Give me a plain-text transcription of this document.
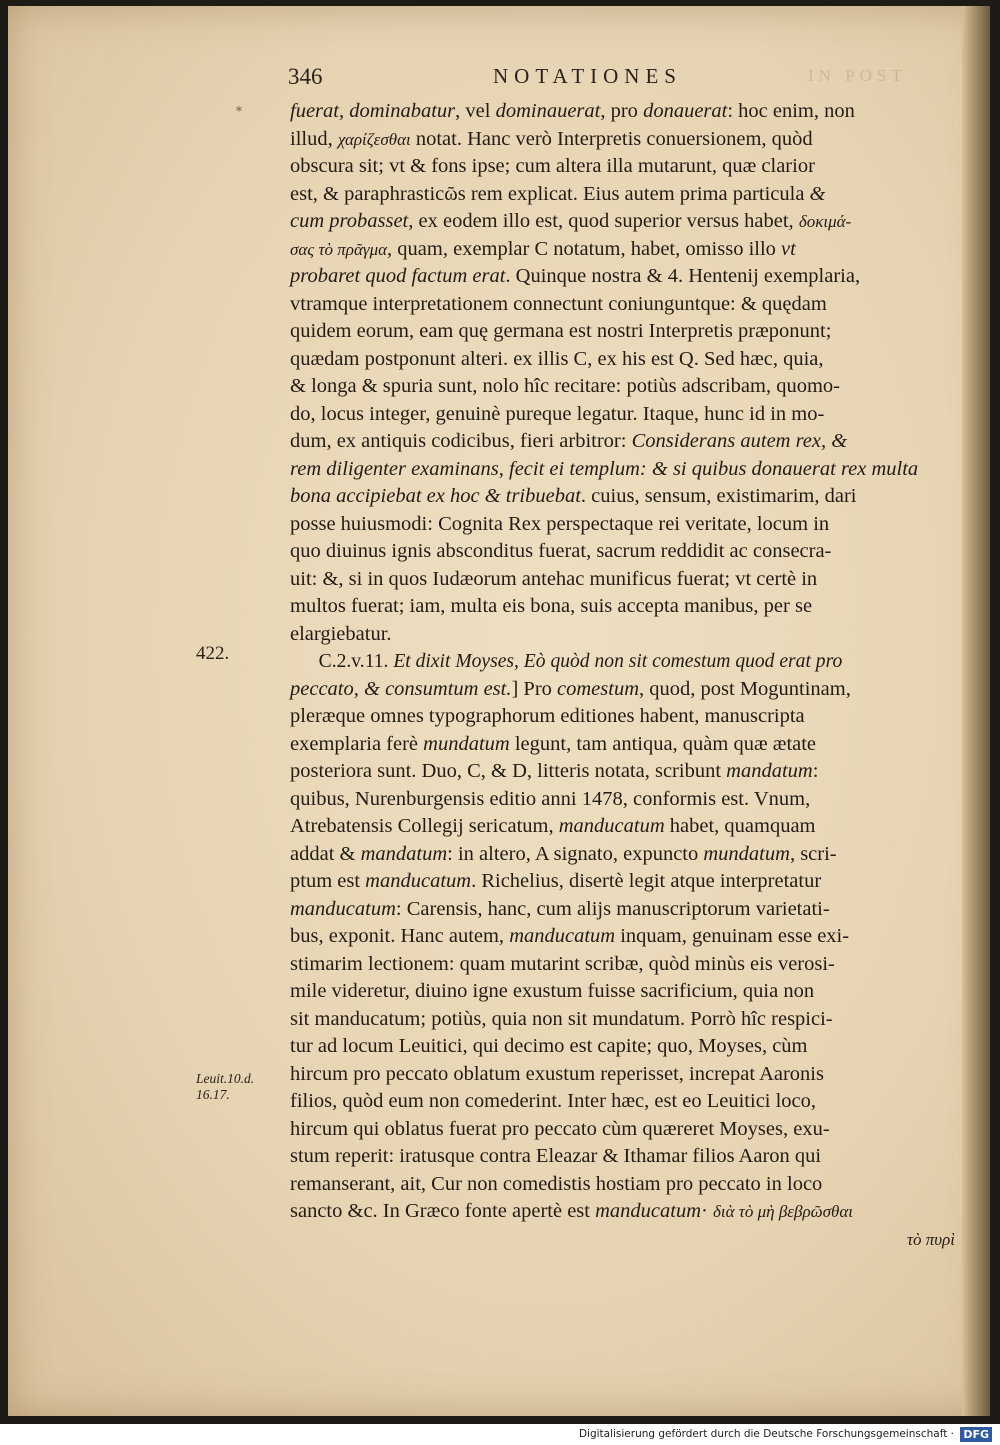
346	NOTATIONES	IN POST
*
422.
Leuit.10.d.
16.17.
fuerat, dominabatur, vel dominauerat, pro donauerat: hoc enim, non
illud, χαρίζεσθαι notat. Hanc verò Interpretis conuersionem, quòd
obscura sit; vt & fons ipse; cum altera illa mutarunt, quæ clarior
est, & paraphrasticῶs rem explicat. Eius autem prima particula &
cum probasset, ex eodem illo est, quod superior versus habet, δοκιμά-
σας τὸ πρᾶγμα, quam, exemplar C notatum, habet, omisso illo vt
probaret quod factum erat. Quinque nostra & 4. Hentenij exemplaria,
vtramque interpretationem connectunt coniunguntque: & quędam
quidem eorum, eam quę germana est nostri Interpretis præponunt;
quædam postponunt alteri. ex illis C, ex his est Q. Sed hæc, quia,
& longa & spuria sunt, nolo hîc recitare: potiùs adscribam, quomo-
do, locus integer, genuinè pureque legatur. Itaque, hunc id in mo-
dum, ex antiquis codicibus, fieri arbitror: Considerans autem rex, &
rem diligenter examinans, fecit ei templum: & si quibus donauerat rex multa
bona accipiebat ex hoc & tribuebat. cuius, sensum, existimarim, dari
posse huiusmodi: Cognita Rex perspectaque rei veritate, locum in
quo diuinus ignis absconditus fuerat, sacrum reddidit ac consecra-
uit: &, si in quos Iudæorum antehac munificus fuerat; vt certè in
multos fuerat; iam, multa eis bona, suis accepta manibus, per se
elargiebatur.
C.2.v.11. Et dixit Moyses, Eò quòd non sit comestum quod erat pro
peccato, & consumtum est.] Pro comestum, quod, post Moguntinam,
pleræque omnes typographorum editiones habent, manuscripta
exemplaria ferè mundatum legunt, tam antiqua, quàm quæ ætate
posteriora sunt. Duo, C, & D, litteris notata, scribunt mandatum:
quibus, Nurenburgensis editio anni 1478, conformis est. Vnum,
Atrebatensis Collegij sericatum, manducatum habet, quamquam
addat & mandatum: in altero, A signato, expuncto mundatum, scri-
ptum est manducatum. Richelius, disertè legit atque interpretatur
manducatum: Carensis, hanc, cum alijs manuscriptorum varietati-
bus, exponit. Hanc autem, manducatum inquam, genuinam esse exi-
stimarim lectionem: quam mutarint scribæ, quòd minùs eis verosi-
mile videretur, diuino igne exustum fuisse sacrificium, quia non
sit manducatum; potiùs, quia non sit mundatum. Porrò hîc respici-
tur ad locum Leuitici, qui decimo est capite; quo, Moyses, cùm
hircum pro peccato oblatum exustum reperisset, increpat Aaronis
filios, quòd eum non comederint. Inter hæc, est eo Leuitici loco,
hircum qui oblatus fuerat pro peccato cùm quæreret Moyses, exu-
stum reperit: iratusque contra Eleazar & Ithamar filios Aaron qui
remanserant, ait, Cur non comedistis hostiam pro peccato in loco
sancto &c. In Græco fonte apertè est manducatum· διὰ τὸ μὴ βεβρῶσθαι
τὸ πυρὶ
Digitalisierung gefördert durch die Deutsche Forschungsgemeinschaft · DFG
